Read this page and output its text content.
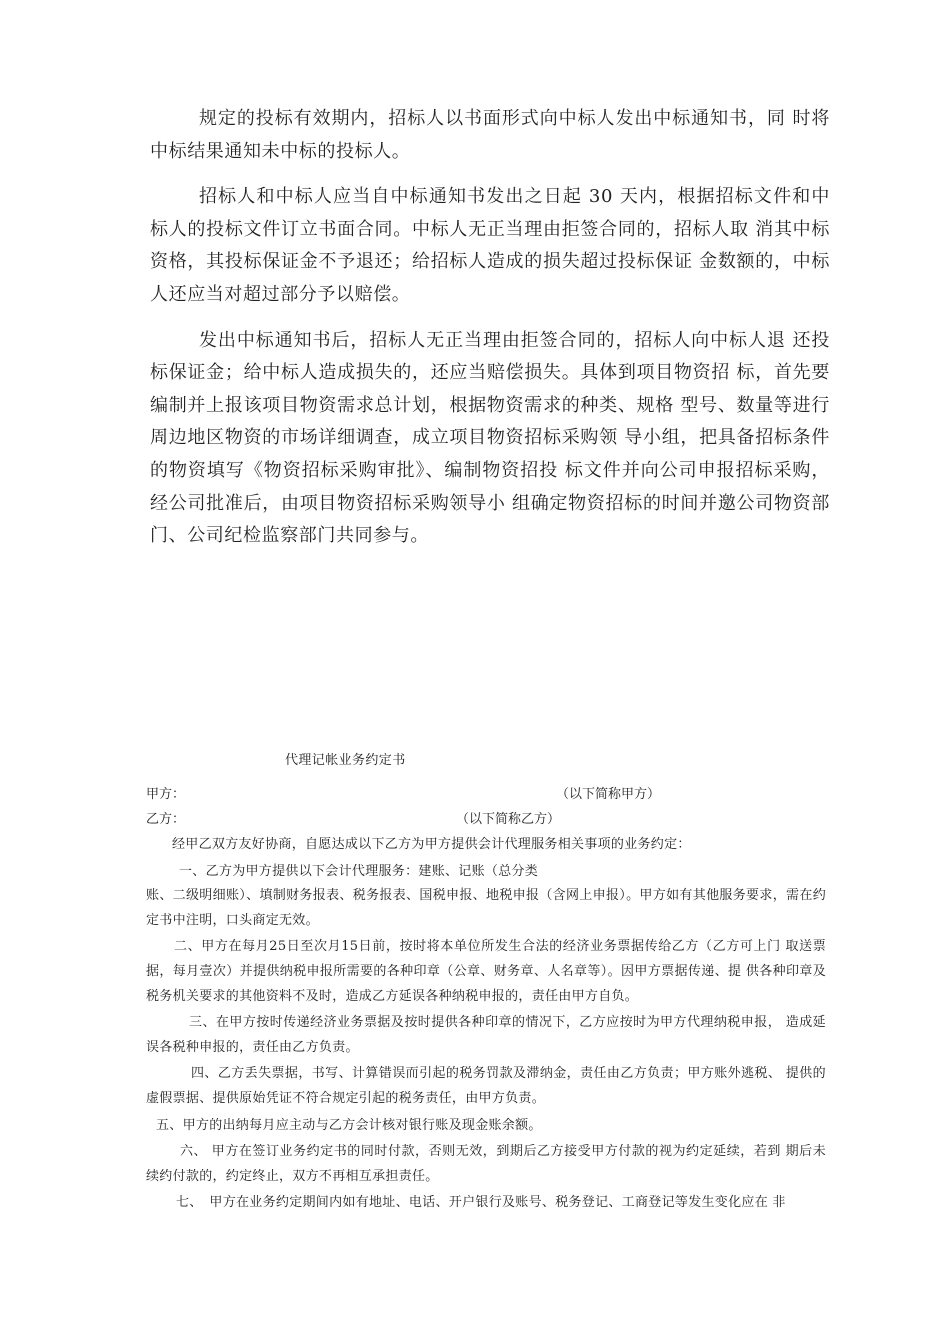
规定的投标有效期内，招标人以书面形式向中标人发出中标通知书，同 时将中标结果通知未中标的投标人。

招标人和中标人应当自中标通知书发出之日起 30 天内，根据招标文件和中标人的投标文件订立书面合同。中标人无正当理由拒签合同的，招标人取 消其中标资格，其投标保证金不予退还；给招标人造成的损失超过投标保证 金数额的，中标人还应当对超过部分予以赔偿。

发出中标通知书后，招标人无正当理由拒签合同的，招标人向中标人退 还投标保证金；给中标人造成损失的，还应当赔偿损失。具体到项目物资招 标，首先要编制并上报该项目物资需求总计划，根据物资需求的种类、规格 型号、数量等进行周边地区物资的市场详细调查，成立项目物资招标采购领 导小组，把具备招标条件的物资填写《物资招标采购审批》、编制物资招投 标文件并向公司申报招标采购，经公司批准后，由项目物资招标采购领导小 组确定物资招标的时间并邀公司物资部门、公司纪检监察部门共同参与。

代理记帐业务约定书
甲方：	（以下简称甲方）
乙方：	（以下简称乙方）

经甲乙双方友好协商，自愿达成以下乙方为甲方提供会计代理服务相关事项的业务约定：

一、乙方为甲方提供以下会计代理服务：建账、记账（总分类

账、二级明细账）、填制财务报表、税务报表、国税申报、地税申报（含网上申报）。甲方如有其他服务要求，需在约定书中注明，口头商定无效。

二、甲方在每月25日至次月15日前，按时将本单位所发生合法的经济业务票据传给乙方（乙方可上门 取送票据，每月壹次）并提供纳税申报所需要的各种印章（公章、财务章、人名章等）。因甲方票据传递、提 供各种印章及税务机关要求的其他资料不及时，造成乙方延误各种纳税申报的，责任由甲方自负。

三、在甲方按时传递经济业务票据及按时提供各种印章的情况下，乙方应按时为甲方代理纳税申报， 造成延误各税种申报的，责任由乙方负责。

四、乙方丢失票据，书写、计算错误而引起的税务罚款及滞纳金，责任由乙方负责；甲方账外逃税、 提供的虚假票据、提供原始凭证不符合规定引起的税务责任，由甲方负责。

五、甲方的出纳每月应主动与乙方会计核对银行账及现金账余额。

六、 甲方在签订业务约定书的同时付款，否则无效，到期后乙方接受甲方付款的视为约定延续，若到 期后未续约付款的，约定终止，双方不再相互承担责任。

七、　甲方在业务约定期间内如有地址、电话、开户银行及账号、税务登记、工商登记等发生变化应在 非
